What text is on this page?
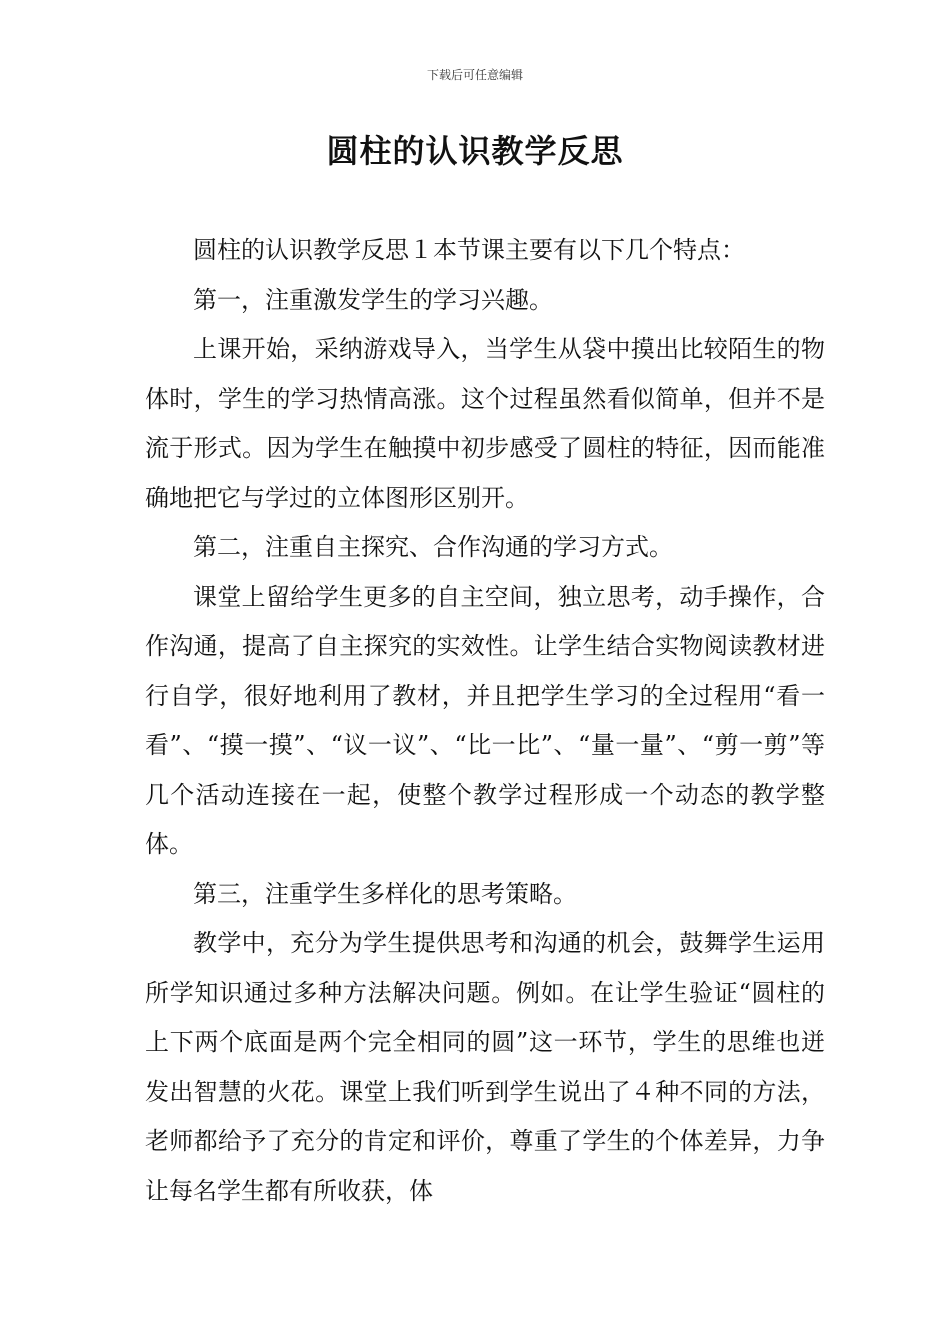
下载后可任意编辑
圆柱的认识教学反思

圆柱的认识教学反思１本节课主要有以下几个特点：

第一，注重激发学生的学习兴趣。

上课开始，采纳游戏导入，当学生从袋中摸出比较陌生的物体时，学生的学习热情高涨。这个过程虽然看似简单，但并不是流于形式。因为学生在触摸中初步感受了圆柱的特征，因而能准确地把它与学过的立体图形区别开。

第二，注重自主探究、合作沟通的学习方式。

课堂上留给学生更多的自主空间，独立思考，动手操作，合作沟通，提高了自主探究的实效性。让学生结合实物阅读教材进行自学，很好地利用了教材，并且把学生学习的全过程用“看一看”、“摸一摸”、“议一议”、“比一比”、“量一量”、“剪一剪”等几个活动连接在一起，使整个教学过程形成一个动态的教学整体。

第三，注重学生多样化的思考策略。

教学中，充分为学生提供思考和沟通的机会，鼓舞学生运用所学知识通过多种方法解决问题。例如。在让学生验证“圆柱的上下两个底面是两个完全相同的圆”这一环节，学生的思维也迸发出智慧的火花。课堂上我们听到学生说出了４种不同的方法，老师都给予了充分的肯定和评价，尊重了学生的个体差异，力争让每名学生都有所收获，体
